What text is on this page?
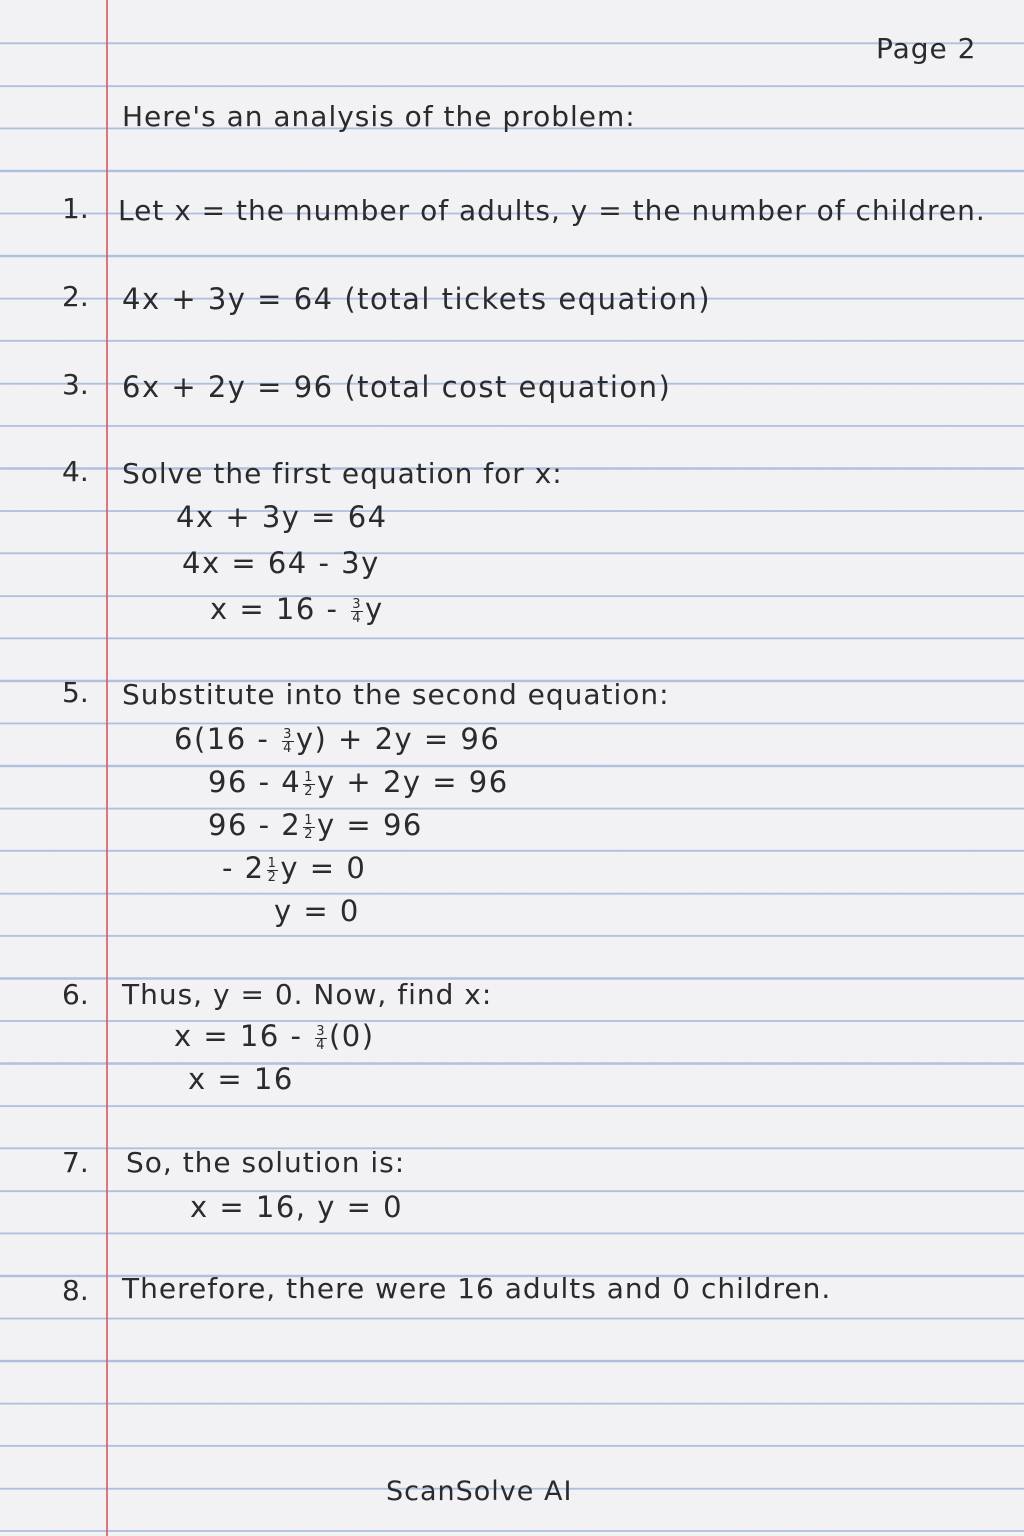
Page 2
Here's an analysis of the problem:
1. Let x = the number of adults, y = the number of children.
2. 4x + 3y = 64 (total tickets equation)
3. 6x + 2y = 96 (total cost equation)
4. Solve the first equation for x:
4x + 3y = 64
4x = 64 - 3y
$x = 16 - \frac{3}{4}$ y
5. Substitute into the second equation:
$6(16 - \frac{3}{4} y) + 2y = 96$
$96 - 4 \frac{1}{2}$ y + 2y = 96
$96 - 2 \frac{1}{2}$ y = 96
- $2 \frac{1}{2}$ y = 0
y = 0
6. Thus, y = 0. Now, find x:
$x = 16 - \frac{3}{4} (0)$
x = 16
7. So, the solution is:
x = 16, y = 0
8. Therefore, there were 16 adults and 0 children.
ScanSolve AI
